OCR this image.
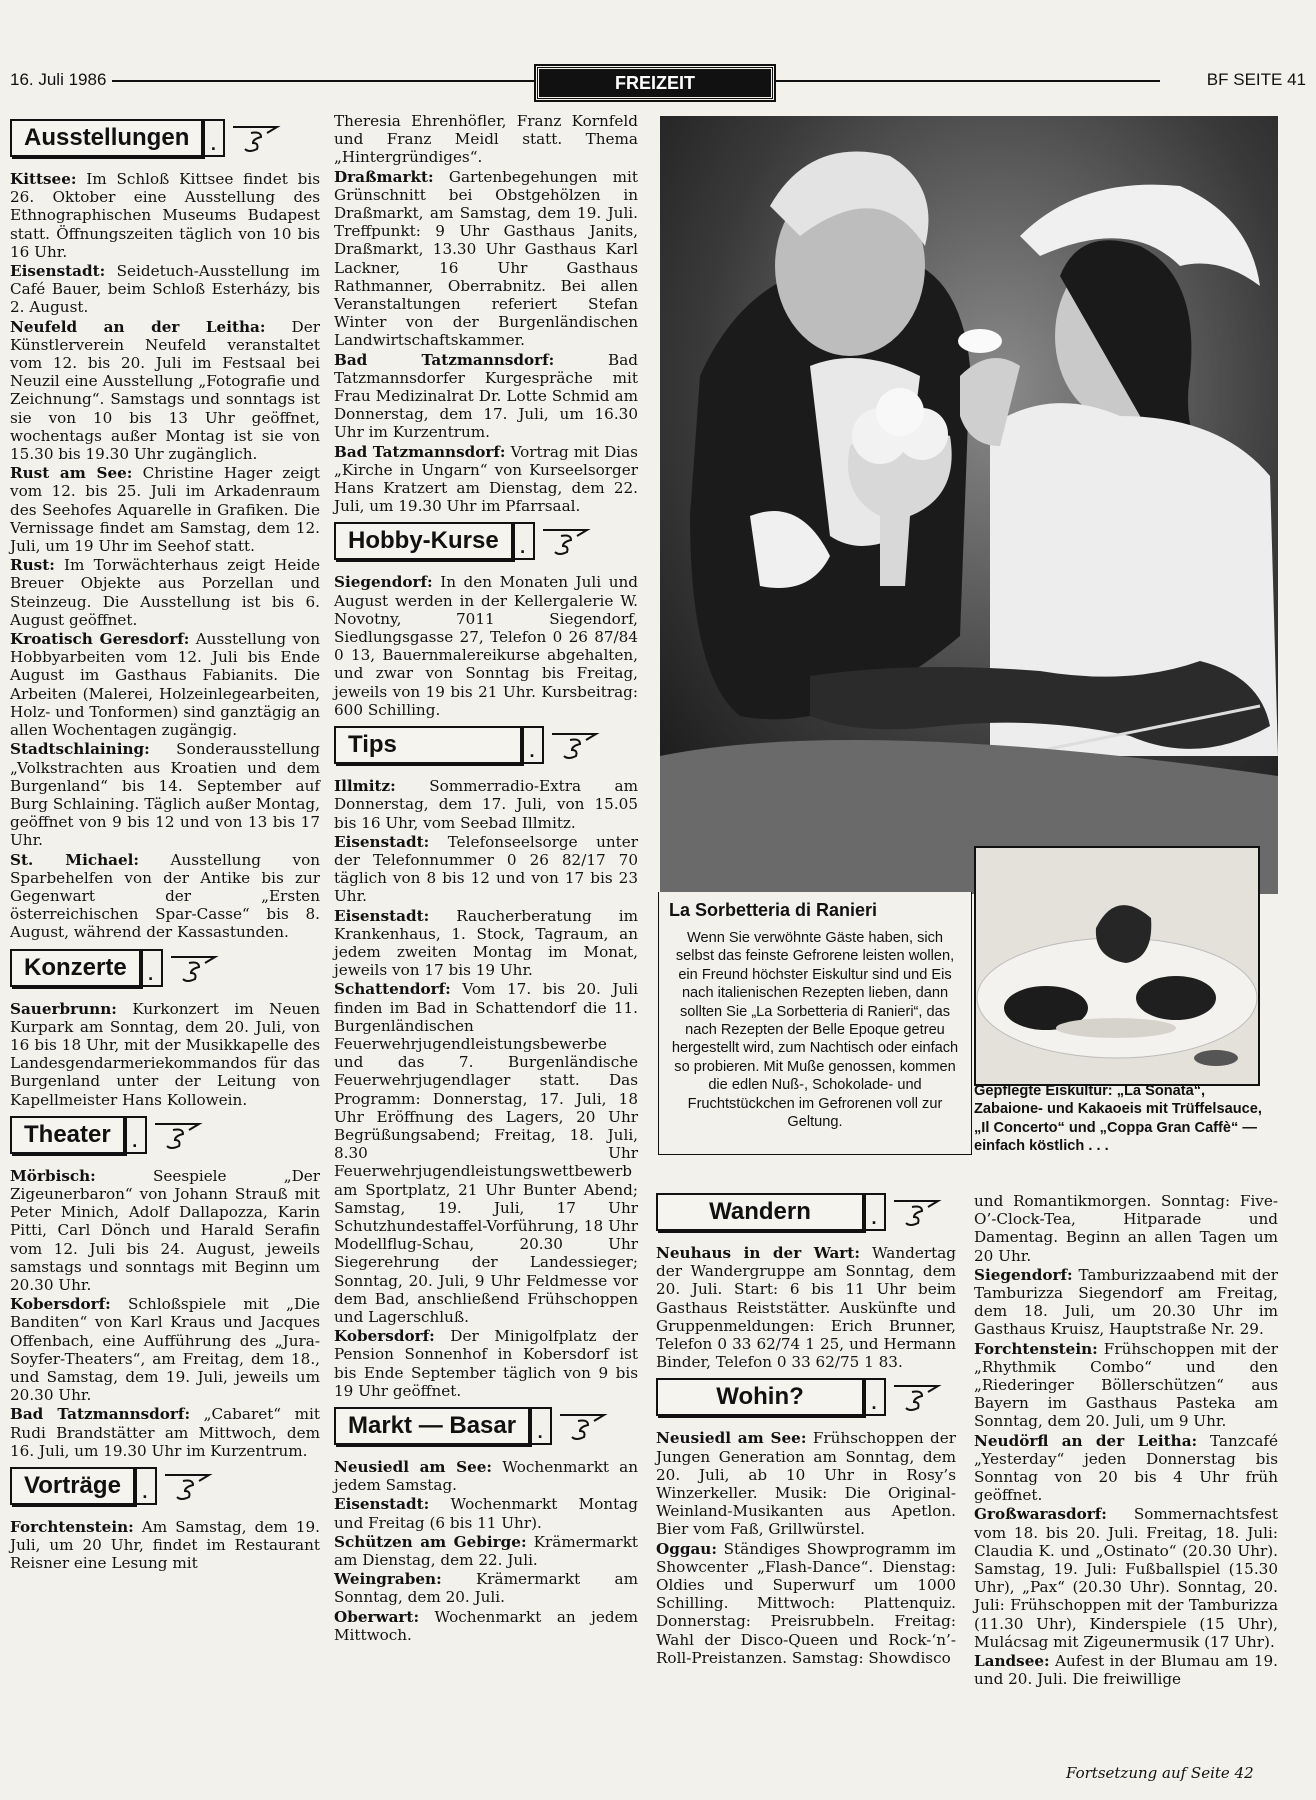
16. Juli 1986	FREIZEIT	BF SEITE 41
Ausstellungen	.

Kittsee: Im Schloß Kittsee findet bis 26. Oktober eine Ausstellung des Ethnographischen Museums Budapest statt. Öffnungszeiten täglich von 10 bis 16 Uhr.

Eisenstadt: Seidetuch-Ausstellung im Café Bauer, beim Schloß Esterházy, bis 2. August.

Neufeld an der Leitha: Der Künstlerverein Neufeld veranstaltet vom 12. bis 20. Juli im Festsaal bei Neuzil eine Ausstellung „Fotografie und Zeichnung“. Samstags und sonntags ist sie von 10 bis 13 Uhr geöffnet, wochentags außer Montag ist sie von 15.30 bis 19.30 Uhr zugänglich.

Rust am See: Christine Hager zeigt vom 12. bis 25. Juli im Arkadenraum des Seehofes Aquarelle in Grafiken. Die Vernissage findet am Samstag, dem 12. Juli, um 19 Uhr im Seehof statt.

Rust: Im Torwächterhaus zeigt Heide Breuer Objekte aus Porzellan und Steinzeug. Die Ausstellung ist bis 6. August geöffnet.

Kroatisch Geresdorf: Ausstellung von Hobbyarbeiten vom 12. Juli bis Ende August im Gasthaus Fabianits. Die Arbeiten (Malerei, Holzeinlegearbeiten, Holz- und Tonformen) sind ganztägig an allen Wochentagen zugängig.

Stadtschlaining: Sonderausstellung „Volkstrachten aus Kroatien und dem Burgenland“ bis 14. September auf Burg Schlaining. Täglich außer Montag, geöffnet von 9 bis 12 und von 13 bis 17 Uhr.

St. Michael: Ausstellung von Sparbehelfen von der Antike bis zur Gegenwart der „Ersten österreichischen Spar-Casse“ bis 8. August, während der Kassastunden.

Konzerte	.

Sauerbrunn: Kurkonzert im Neuen Kurpark am Sonntag, dem 20. Juli, von 16 bis 18 Uhr, mit der Musikkapelle des Landesgendarmeriekommandos für das Burgenland unter der Leitung von Kapellmeister Hans Kollowein.

Theater	.

Mörbisch: Seespiele „Der Zigeunerbaron“ von Johann Strauß mit Peter Minich, Adolf Dallapozza, Karin Pitti, Carl Dönch und Harald Serafin vom 12. Juli bis 24. August, jeweils samstags und sonntags mit Beginn um 20.30 Uhr.

Kobersdorf: Schloßspiele mit „Die Banditen“ von Karl Kraus und Jacques Offenbach, eine Aufführung des „Jura-Soyfer-Theaters“, am Freitag, dem 18., und Samstag, dem 19. Juli, jeweils um 20.30 Uhr.

Bad Tatzmannsdorf: „Cabaret“ mit Rudi Brandstätter am Mittwoch, dem 16. Juli, um 19.30 Uhr im Kurzentrum.

Vorträge	.

Forchtenstein: Am Samstag, dem 19. Juli, um 20 Uhr, findet im Restaurant Reisner eine Lesung mit

Theresia Ehrenhöfler, Franz Kornfeld und Franz Meidl statt. Thema „Hintergründiges“.

Draßmarkt: Gartenbegehungen mit Grünschnitt bei Obstgehölzen in Draßmarkt, am Samstag, dem 19. Juli. Treffpunkt: 9 Uhr Gasthaus Janits, Draßmarkt, 13.30 Uhr Gasthaus Karl Lackner, 16 Uhr Gasthaus Rathmanner, Oberrabnitz. Bei allen Veranstaltungen referiert Stefan Winter von der Burgenländischen Landwirtschaftskammer.

Bad Tatzmannsdorf: Bad Tatzmannsdorfer Kurgespräche mit Frau Medizinalrat Dr. Lotte Schmid am Donnerstag, dem 17. Juli, um 16.30 Uhr im Kurzentrum.

Bad Tatzmannsdorf: Vortrag mit Dias „Kirche in Ungarn“ von Kurseelsorger Hans Kratzert am Dienstag, dem 22. Juli, um 19.30 Uhr im Pfarrsaal.

Hobby-Kurse	.

Siegendorf: In den Monaten Juli und August werden in der Kellergalerie W. Novotny, 7011 Siegendorf, Siedlungsgasse 27, Telefon 0 26 87/84 0 13, Bauernmalereikurse abgehalten, und zwar von Sonntag bis Freitag, jeweils von 19 bis 21 Uhr. Kursbeitrag: 600 Schilling.

Tips	.

Illmitz: Sommerradio-Extra am Donnerstag, dem 17. Juli, von 15.05 bis 16 Uhr, vom Seebad Illmitz.

Eisenstadt: Telefonseelsorge unter der Telefonnummer 0 26 82/17 70 täglich von 8 bis 12 und von 17 bis 23 Uhr.

Eisenstadt: Raucherberatung im Krankenhaus, 1. Stock, Tagraum, an jedem zweiten Montag im Monat, jeweils von 17 bis 19 Uhr.

Schattendorf: Vom 17. bis 20. Juli finden im Bad in Schattendorf die 11. Burgenländischen Feuerwehrjugendleistungsbewerbe und das 7. Burgenländische Feuerwehrjugendlager statt. Das Programm: Donnerstag, 17. Juli, 18 Uhr Eröffnung des Lagers, 20 Uhr Begrüßungsabend; Freitag, 18. Juli, 8.30 Uhr Feuerwehrjugendleistungswettbewerb am Sportplatz, 21 Uhr Bunter Abend; Samstag, 19. Juli, 17 Uhr Schutzhundestaffel-Vorführung, 18 Uhr Modellflug-Schau, 20.30 Uhr Siegerehrung der Landessieger; Sonntag, 20. Juli, 9 Uhr Feldmesse vor dem Bad, anschließend Frühschoppen und Lagerschluß.

Kobersdorf: Der Minigolfplatz der Pension Sonnenhof in Kobersdorf ist bis Ende September täglich von 9 bis 19 Uhr geöffnet.

Markt — Basar	.

Neusiedl am See: Wochenmarkt an jedem Samstag.

Eisenstadt: Wochenmarkt Montag und Freitag (6 bis 11 Uhr).

Schützen am Gebirge: Krämermarkt am Dienstag, dem 22. Juli.

Weingraben: Krämermarkt am Sonntag, dem 20. Juli.

Oberwart: Wochenmarkt an jedem Mittwoch.

La Sorbetteria di Ranieri
Wenn Sie verwöhnte Gäste haben, sich selbst das feinste Gefrorene leisten wollen, ein Freund höchster Eiskultur sind und Eis nach italienischen Rezepten lieben, dann sollten Sie „La Sorbetteria di Ranieri“, das nach Rezepten der Belle Epoque getreu hergestellt wird, zum Nachtisch oder einfach so probieren. Mit Muße genossen, kommen die edlen Nuß-, Schokolade- und Fruchtstückchen im Gefrorenen voll zur Geltung.
Gepflegte Eiskultur: „La Sonata“, Zabaione- und Kakaoeis mit Trüffelsauce, „Il Concerto“ und „Coppa Gran Caffè“ — einfach köstlich . . .
Wandern	.

Neuhaus in der Wart: Wandertag der Wandergruppe am Sonntag, dem 20. Juli. Start: 6 bis 11 Uhr beim Gasthaus Reiststätter. Auskünfte und Gruppenmeldungen: Erich Brunner, Telefon 0 33 62/74 1 25, und Hermann Binder, Telefon 0 33 62/75 1 83.

Wohin?	.

Neusiedl am See: Frühschoppen der Jungen Generation am Sonntag, dem 20. Juli, ab 10 Uhr in Rosy’s Winzerkeller. Musik: Die Original-Weinland-Musikanten aus Apetlon. Bier vom Faß, Grillwürstel.

Oggau: Ständiges Showprogramm im Showcenter „Flash-Dance“. Dienstag: Oldies und Superwurf um 1000 Schilling. Mittwoch: Plattenquiz. Donnerstag: Preisrubbeln. Freitag: Wahl der Disco-Queen und Rock-‘n’-Roll-Preistanzen. Samstag: Showdisco

und Romantikmorgen. Sonntag: Five-O’-Clock-Tea, Hitparade und Damentag. Beginn an allen Tagen um 20 Uhr.

Siegendorf: Tamburizzaabend mit der Tamburizza Siegendorf am Freitag, dem 18. Juli, um 20.30 Uhr im Gasthaus Kruisz, Hauptstraße Nr. 29.

Forchtenstein: Frühschoppen mit der „Rhythmik Combo“ und den „Riederinger Böllerschützen“ aus Bayern im Gasthaus Pasteka am Sonntag, dem 20. Juli, um 9 Uhr.

Neudörfl an der Leitha: Tanzcafé „Yesterday“ jeden Donnerstag bis Sonntag von 20 bis 4 Uhr früh geöffnet.

Großwarasdorf: Sommernachtsfest vom 18. bis 20. Juli. Freitag, 18. Juli: Claudia K. und „Ostinato“ (20.30 Uhr). Samstag, 19. Juli: Fußballspiel (15.30 Uhr), „Pax“ (20.30 Uhr). Sonntag, 20. Juli: Frühschoppen mit der Tamburizza (11.30 Uhr), Kinderspiele (15 Uhr), Mulácsag mit Zigeunermusik (17 Uhr).

Landsee: Aufest in der Blumau am 19. und 20. Juli. Die freiwillige

Fortsetzung auf Seite 42
